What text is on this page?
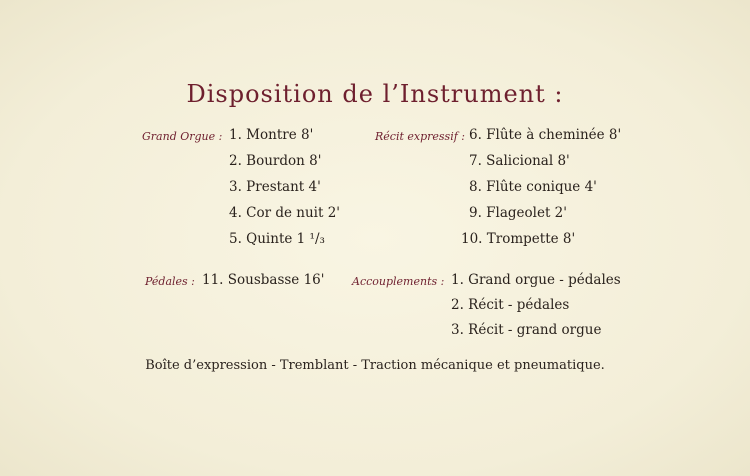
Disposition de l’Instrument :
Grand Orgue : 1. Montre 8'
2. Bourdon 8'
3. Prestant 4'
4. Cor de nuit 2'
5. Quinte 1 ¹/₃
Récit expressif : 6. Flûte à cheminée 8'
7. Salicional 8'
8. Flûte conique 4'
9. Flageolet 2'
10. Trompette 8'
Pédales : 11. Sousbasse 16'	Accouplements : 1. Grand orgue - pédales
2. Récit - pédales
3. Récit - grand orgue
Boîte d’expression - Tremblant - Traction mécanique et pneumatique.
